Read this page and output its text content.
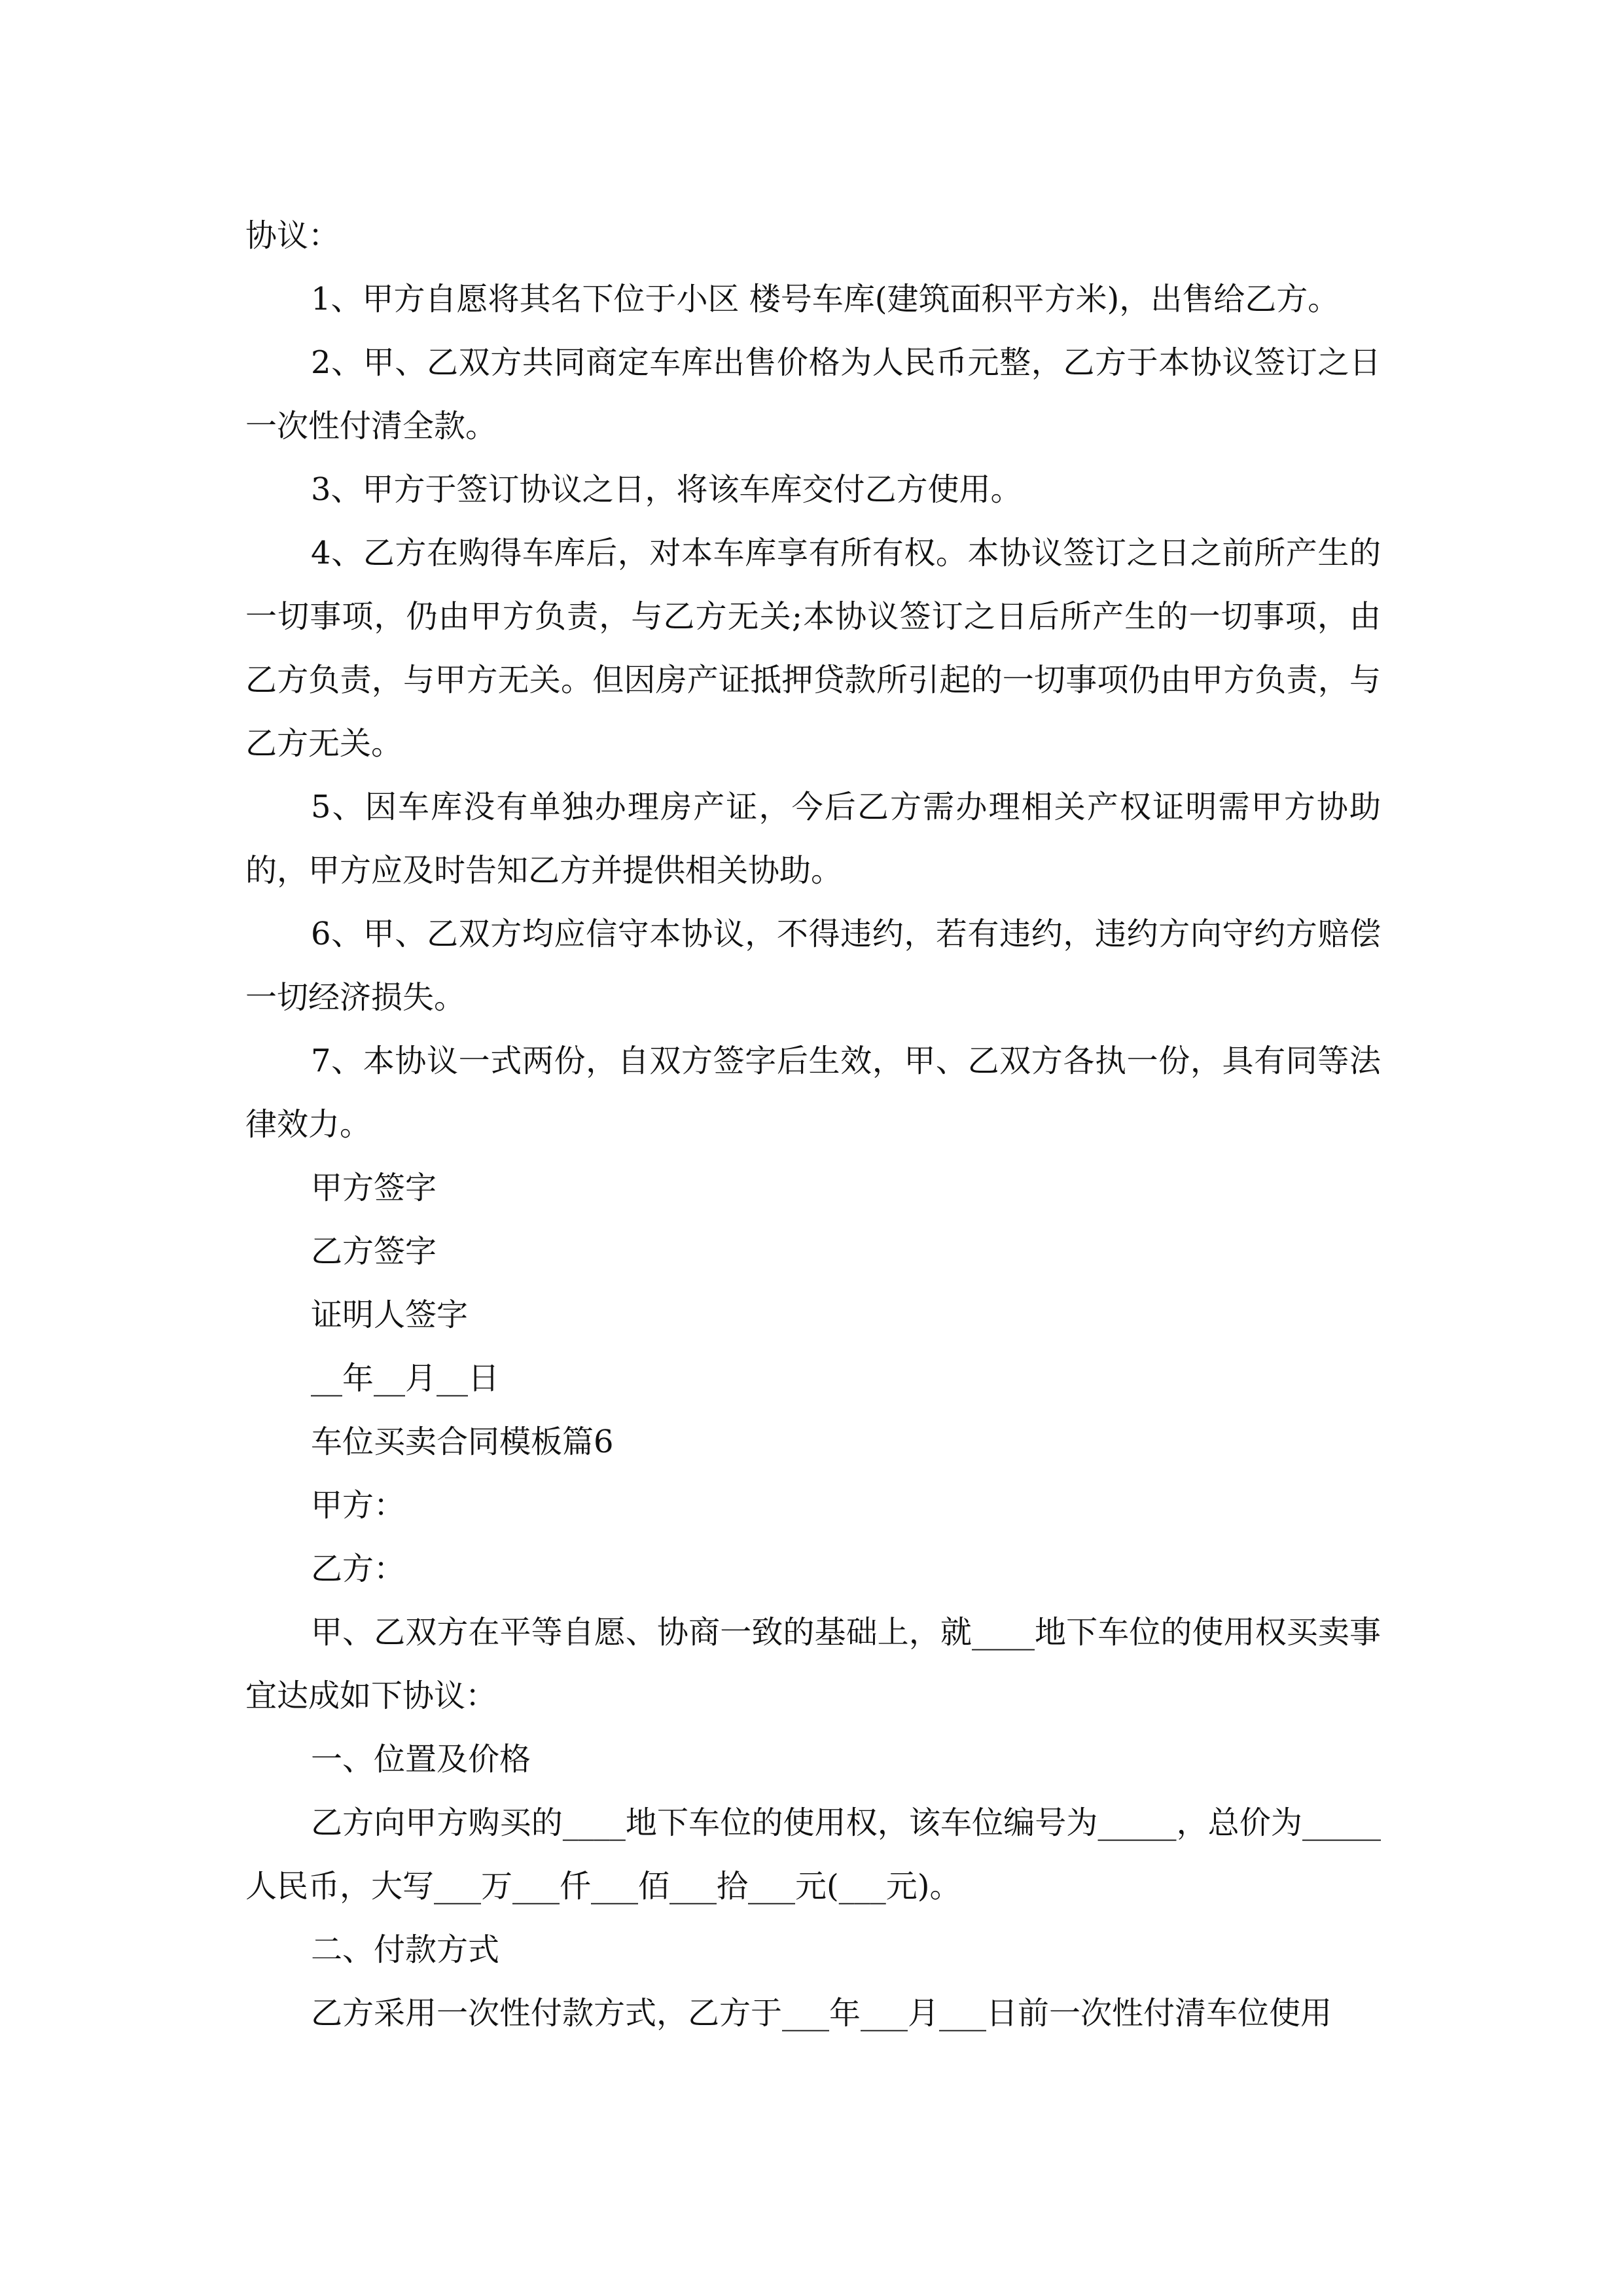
协议：

1、甲方自愿将其名下位于小区 楼号车库(建筑面积平方米)，出售给乙方。

2、甲、乙双方共同商定车库出售价格为人民币元整，乙方于本协议签订之日一次性付清全款。

3、甲方于签订协议之日，将该车库交付乙方使用。

4、乙方在购得车库后，对本车库享有所有权。本协议签订之日之前所产生的一切事项，仍由甲方负责，与乙方无关;本协议签订之日后所产生的一切事项，由乙方负责，与甲方无关。但因房产证抵押贷款所引起的一切事项仍由甲方负责，与乙方无关。

5、因车库没有单独办理房产证，今后乙方需办理相关产权证明需甲方协助的，甲方应及时告知乙方并提供相关协助。

6、甲、乙双方均应信守本协议，不得违约，若有违约，违约方向守约方赔偿一切经济损失。

7、本协议一式两份，自双方签字后生效，甲、乙双方各执一份，具有同等法律效力。

甲方签字

乙方签字

证明人签字

__年__月__日

车位买卖合同模板篇6

甲方：

乙方：

甲、乙双方在平等自愿、协商一致的基础上，就____地下车位的使用权买卖事宜达成如下协议：

一、位置及价格

乙方向甲方购买的____地下车位的使用权，该车位编号为_____，总价为_____人民币，大写___万___仟___佰___拾___元(___元)。

二、付款方式

乙方采用一次性付款方式，乙方于___年___月___日前一次性付清车位使用
